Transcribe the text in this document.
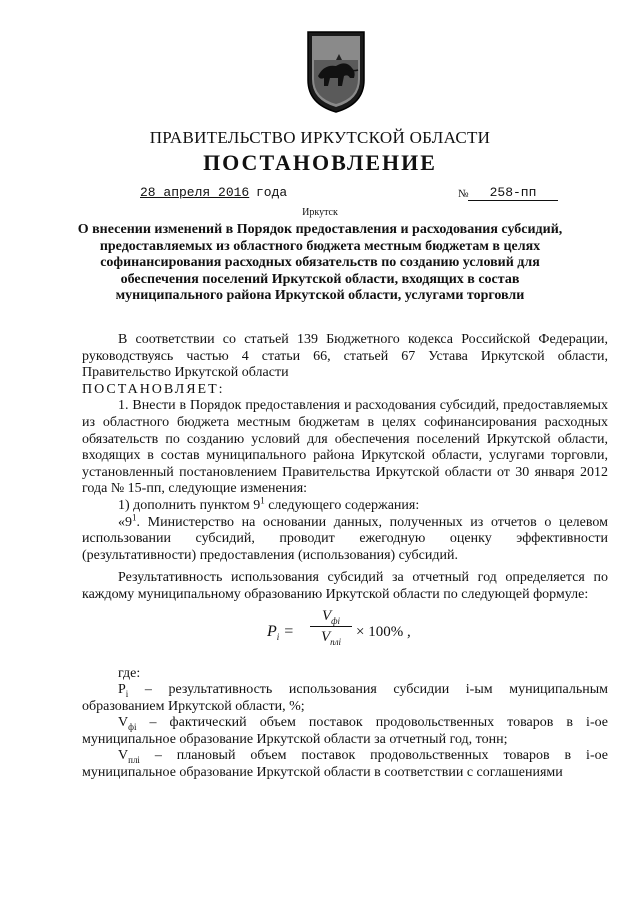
ПРАВИТЕЛЬСТВО ИРКУТСКОЙ ОБЛАСТИ
ПОСТАНОВЛЕНИЕ
28 апреля 2016 года	№	258-пп
Иркутск
О внесении изменений в Порядок предоставления и расходования субсидий, предоставляемых из областного бюджета местным бюджетам в целях софинансирования расходных обязательств по созданию условий для обеспечения поселений Иркутской области, входящих в состав муниципального района Иркутской области, услугами торговли

В соответствии со статьей 139 Бюджетного кодекса Российской Федерации, руководствуясь частью 4 статьи 66, статьей 67 Устава Иркутской области, Правительство Иркутской области

ПОСТАНОВЛЯЕТ:

1. Внести в Порядок предоставления и расходования субсидий, предоставляемых из областного бюджета местным бюджетам в целях софинансирования расходных обязательств по созданию условий для обеспечения поселений Иркутской области, входящих в состав муниципального района Иркутской области, услугами торговли, установленный постановлением Правительства Иркутской области от 30 января 2012 года № 15-пп, следующие изменения:

1) дополнить пунктом $9^1$ следующего содержания:

«$9^1$. Министерство на основании данных, полученных из отчетов о целевом использовании субсидий, проводит ежегодную оценку эффективности (результативности) предоставления (использования) субсидий.

Результативность использования субсидий за отчетный год определяется по каждому муниципальному образованию Иркутской области по следующей формуле:

$P_i$ =
$V_{фi}$
$V_{плi}$
× 100% ,

где:

$P_i$ – результативность использования субсидии i-ым муниципальным образованием Иркутской области, %;

$V_{фi}$ – фактический объем поставок продовольственных товаров в i-ое муниципальное образование Иркутской области за отчетный год, тонн;

$V_{плi}$ – плановый объем поставок продовольственных товаров в i-ое муниципальное образование Иркутской области в соответствии с соглашениями
